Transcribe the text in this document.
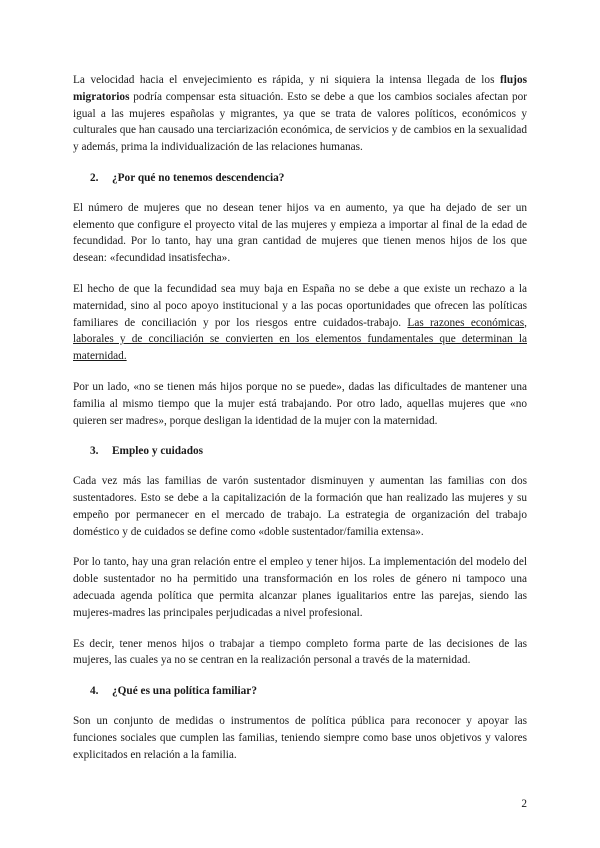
La velocidad hacia el envejecimiento es rápida, y ni siquiera la intensa llegada de los flujos migratorios podría compensar esta situación. Esto se debe a que los cambios sociales afectan por igual a las mujeres españolas y migrantes, ya que se trata de valores políticos, económicos y culturales que han causado una terciarización económica, de servicios y de cambios en la sexualidad y además, prima la individualización de las relaciones humanas.

2. ¿Por qué no tenemos descendencia?

El número de mujeres que no desean tener hijos va en aumento, ya que ha dejado de ser un elemento que configure el proyecto vital de las mujeres y empieza a importar al final de la edad de fecundidad. Por lo tanto, hay una gran cantidad de mujeres que tienen menos hijos de los que desean: «fecundidad insatisfecha».

El hecho de que la fecundidad sea muy baja en España no se debe a que existe un rechazo a la maternidad, sino al poco apoyo institucional y a las pocas oportunidades que ofrecen las políticas familiares de conciliación y por los riesgos entre cuidados-trabajo. Las razones económicas, laborales y de conciliación se convierten en los elementos fundamentales que determinan la maternidad.

Por un lado, «no se tienen más hijos porque no se puede», dadas las dificultades de mantener una familia al mismo tiempo que la mujer está trabajando. Por otro lado, aquellas mujeres que «no quieren ser madres», porque desligan la identidad de la mujer con la maternidad.

3. Empleo y cuidados

Cada vez más las familias de varón sustentador disminuyen y aumentan las familias con dos sustentadores. Esto se debe a la capitalización de la formación que han realizado las mujeres y su empeño por permanecer en el mercado de trabajo. La estrategia de organización del trabajo doméstico y de cuidados se define como «doble sustentador/familia extensa».

Por lo tanto, hay una gran relación entre el empleo y tener hijos. La implementación del modelo del doble sustentador no ha permitido una transformación en los roles de género ni tampoco una adecuada agenda política que permita alcanzar planes igualitarios entre las parejas, siendo las mujeres-madres las principales perjudicadas a nivel profesional.

Es decir, tener menos hijos o trabajar a tiempo completo forma parte de las decisiones de las mujeres, las cuales ya no se centran en la realización personal a través de la maternidad.

4. ¿Qué es una política familiar?

Son un conjunto de medidas o instrumentos de política pública para reconocer y apoyar las funciones sociales que cumplen las familias, teniendo siempre como base unos objetivos y valores explicitados en relación a la familia.

2
